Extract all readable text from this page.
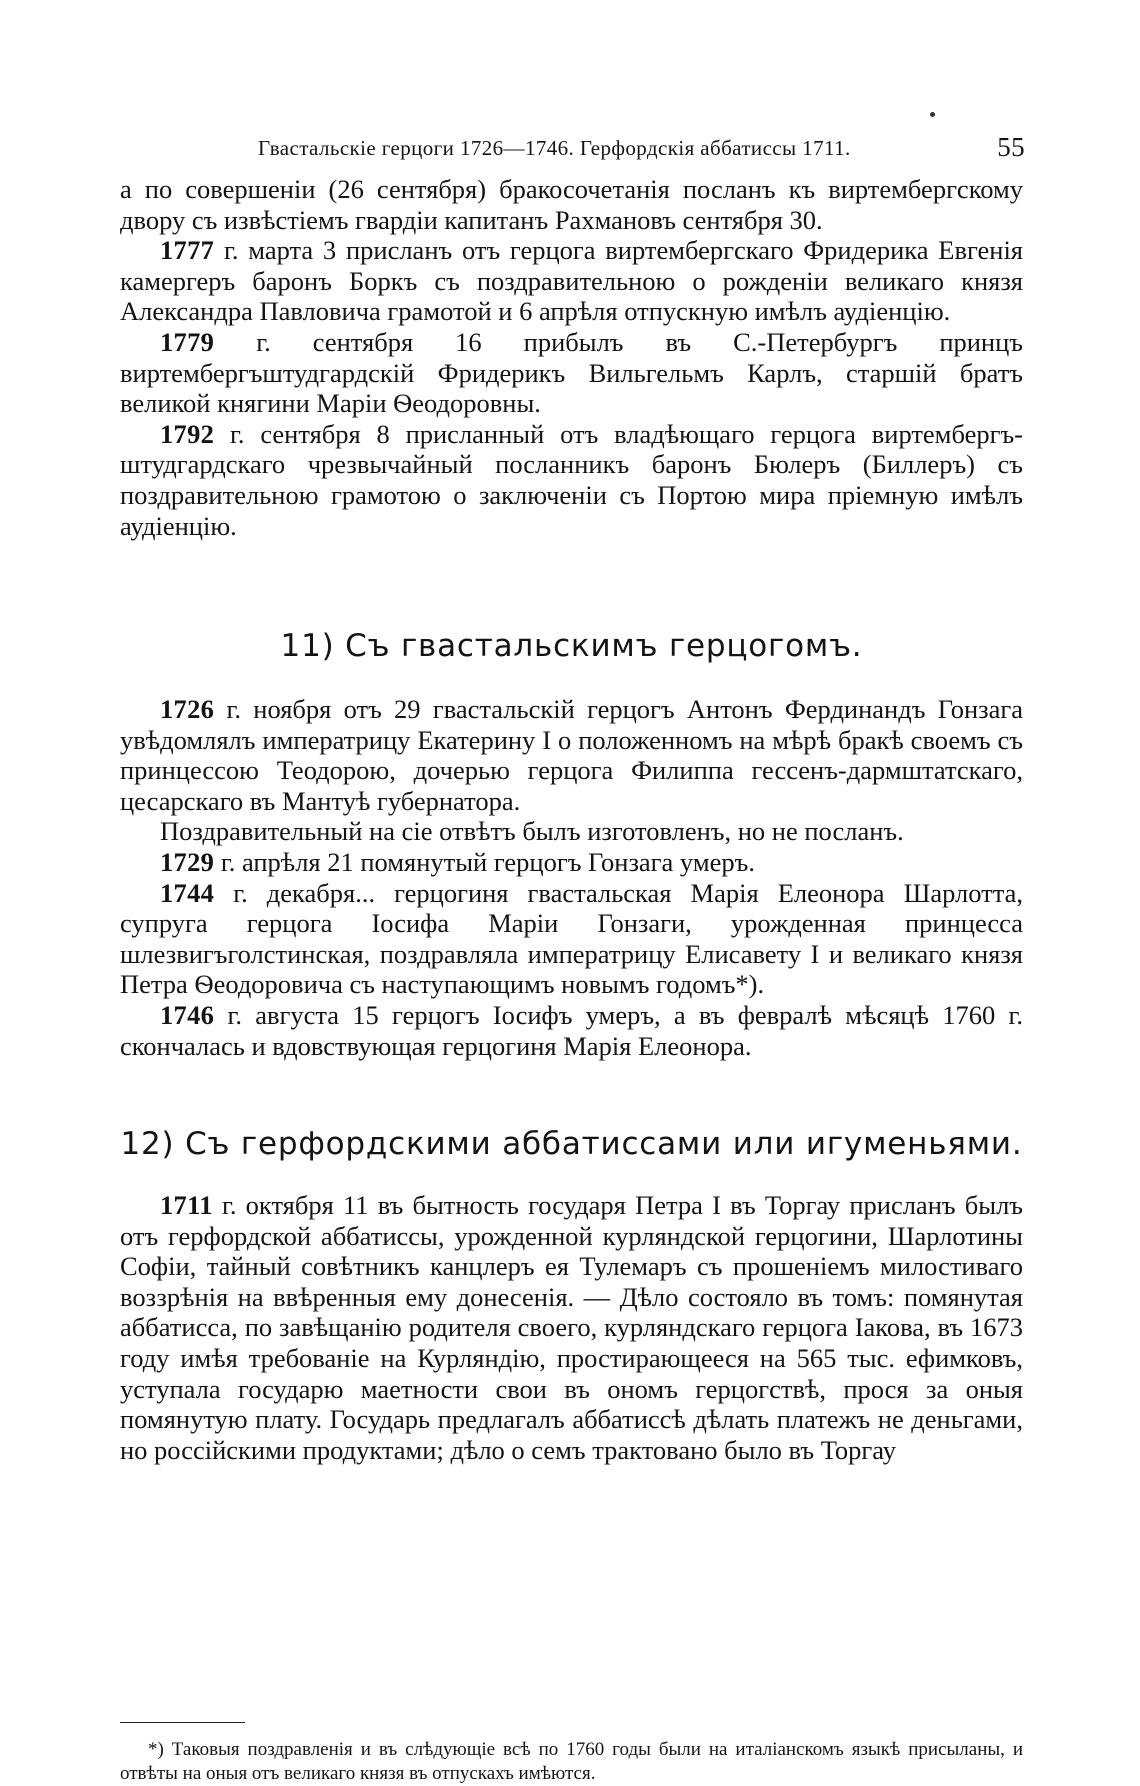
Гвастальскіе герцоги 1726—1746. Герфордскія аббатиссы 1711.	55

а по совершеніи (26 сентября) бракосочетанія посланъ къ виртембергскому двору съ извѣстіемъ гвардіи капитанъ Рахмановъ сентября 30.

1777 г. марта 3 присланъ отъ герцога виртембергскаго Фридерика Евгенія камергеръ баронъ Боркъ съ поздравительною о рожденіи великаго князя Александра Павловича грамотой и 6 апрѣля отпускную имѣлъ аудіенцію.

1779 г. сентября 16 прибылъ въ С.-Петербургъ принцъ виртембергъштудгардскій Фридерикъ Вильгельмъ Карлъ, старшій братъ великой княгини Маріи Ѳеодоровны.

1792 г. сентября 8 присланный отъ владѣющаго герцога виртембергъ-штудгардскаго чрезвычайный посланникъ баронъ Бюлеръ (Биллеръ) съ поздравительною грамотою о заключеніи съ Портою мира пріемную имѣлъ аудіенцію.

11) Съ гвастальскимъ герцогомъ.

1726 г. ноября отъ 29 гвастальскій герцогъ Антонъ Фердинандъ Гонзага увѣдомлялъ императрицу Екатерину I о положенномъ на мѣрѣ бракѣ своемъ съ принцессою Теодорою, дочерью герцога Филиппа гессенъ-дармштатскаго, цесарскаго въ Мантуѣ губернатора.

Поздравительный на сіе отвѣтъ былъ изготовленъ, но не посланъ.

1729 г. апрѣля 21 помянутый герцогъ Гонзага умеръ.

1744 г. декабря... герцогиня гвастальская Марія Елеонора Шарлотта, супруга герцога Іосифа Маріи Гонзаги, урожденная принцесса шлезвигъголстинская, поздравляла императрицу Елисавету I и великаго князя Петра Ѳеодоровича съ наступающимъ новымъ годомъ*).

1746 г. августа 15 герцогъ Іосифъ умеръ, а въ февралѣ мѣсяцѣ 1760 г. скончалась и вдовствующая герцогиня Марія Елеонора.

12) Съ герфордскими аббатиссами или игуменьями.

1711 г. октября 11 въ бытность государя Петра I въ Торгау присланъ былъ отъ герфордской аббатиссы, урожденной курляндской герцогини, Шарлотины Софіи, тайный совѣтникъ канцлеръ ея Тулемаръ съ прошеніемъ милостиваго воззрѣнія на ввѣренныя ему донесенія. — Дѣло состояло въ томъ: помянутая аббатисса, по завѣщанію родителя своего, курляндскаго герцога Іакова, въ 1673 году имѣя требованіе на Курляндію, простирающееся на 565 тыс. ефимковъ, уступала государю маетности свои въ ономъ герцогствѣ, прося за оныя помянутую плату. Государь предлагалъ аббатиссѣ дѣлать платежъ не деньгами, но россійскими продуктами; дѣло о семъ трактовано было въ Торгау

*) Таковыя поздравленія и въ слѣдующіе всѣ по 1760 годы были на италіанскомъ языкѣ присыланы, и отвѣты на оныя отъ великаго князя въ отпускахъ имѣются.
